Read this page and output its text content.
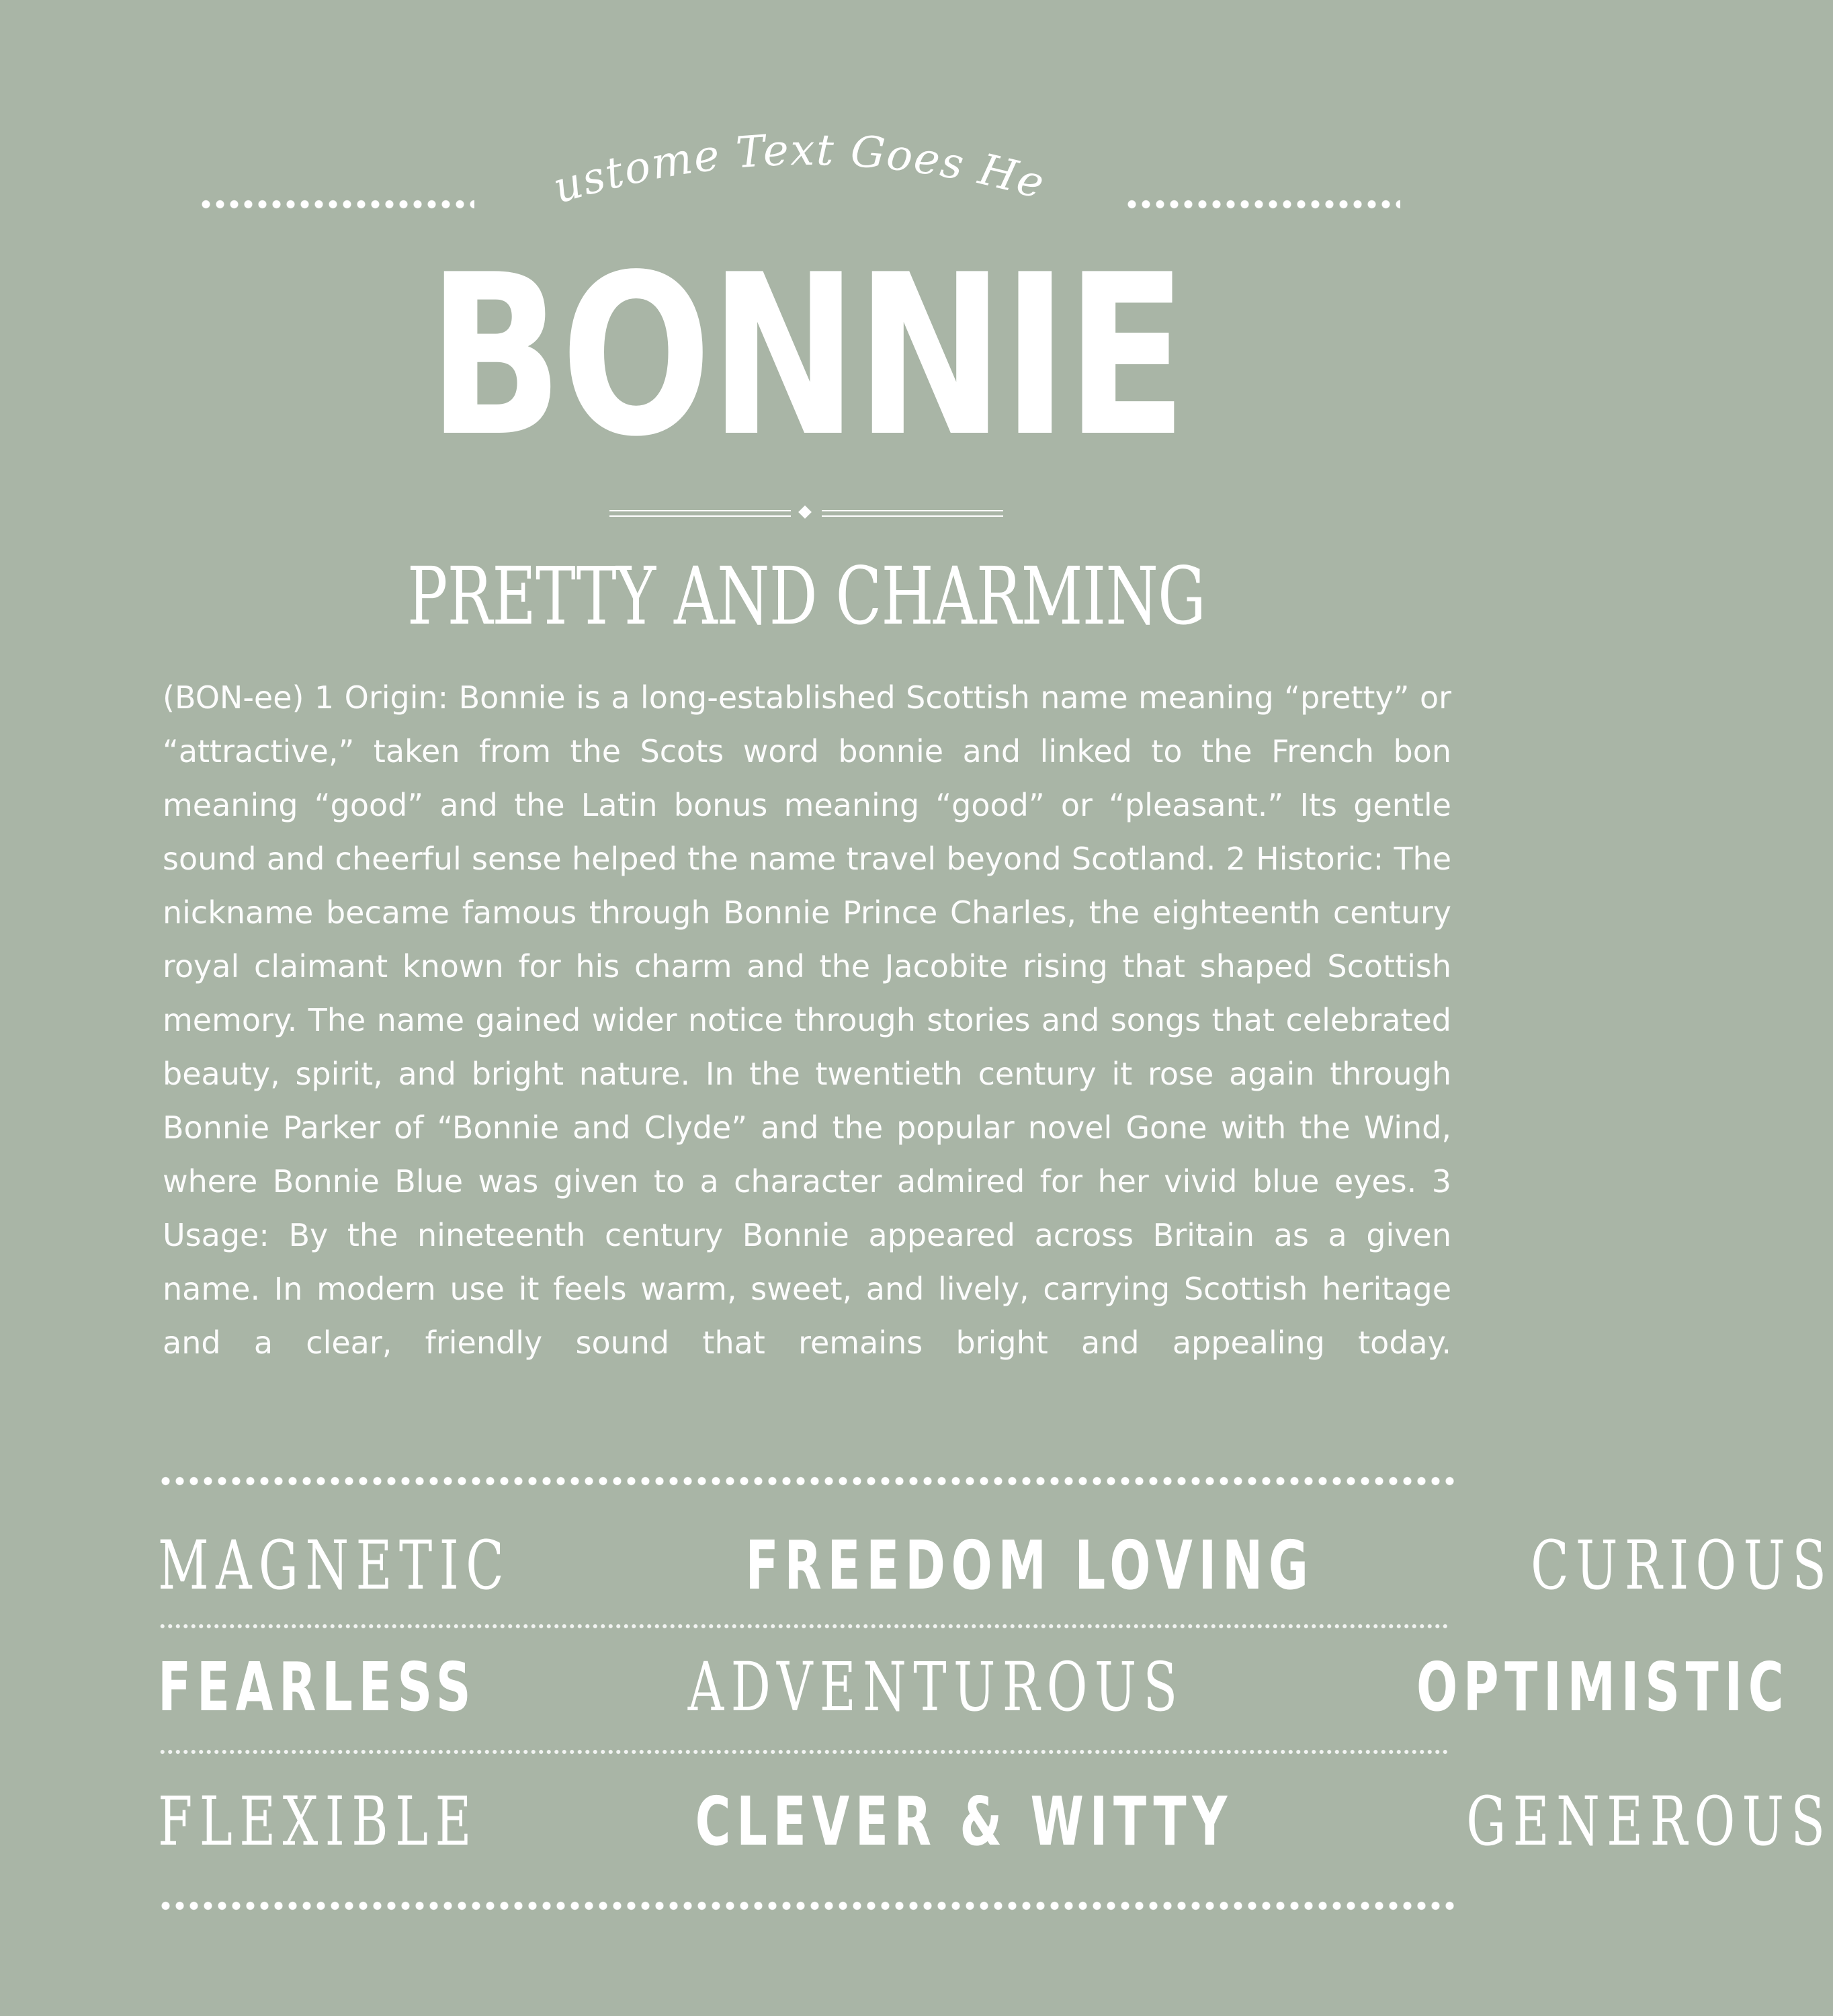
Custome Text Goes Here
BONNIE
PRETTY AND CHARMING
(BON-ee) 1 Origin: Bonnie is a long-established Scottish name meaning “pretty” or “attractive,” taken from the Scots word bonnie and linked to the French bon meaning “good” and the Latin bonus meaning “good” or “pleasant.” Its gentle sound and cheerful sense helped the name travel beyond Scotland. 2 Historic: The nickname became famous through Bonnie Prince Charles, the eighteenth century royal claimant known for his charm and the Jacobite rising that shaped Scottish memory. The name gained wider notice through stories and songs that celebrated beauty, spirit, and bright nature. In the twentieth century it rose again through Bonnie Parker of “Bonnie and Clyde” and the popular novel Gone with the Wind, where Bonnie Blue was given to a character admired for her vivid blue eyes. 3 Usage: By the nineteenth century Bonnie appeared across Britain as a given name. In modern use it feels warm, sweet, and lively, carrying Scottish heritage and a clear, friendly sound that remains bright and appealing today.
MAGNETIC	FREEDOM LOVING	CURIOUS
FEARLESS	ADVENTUROUS	OPTIMISTIC
FLEXIBLE	CLEVER & WITTY	GENEROUS
